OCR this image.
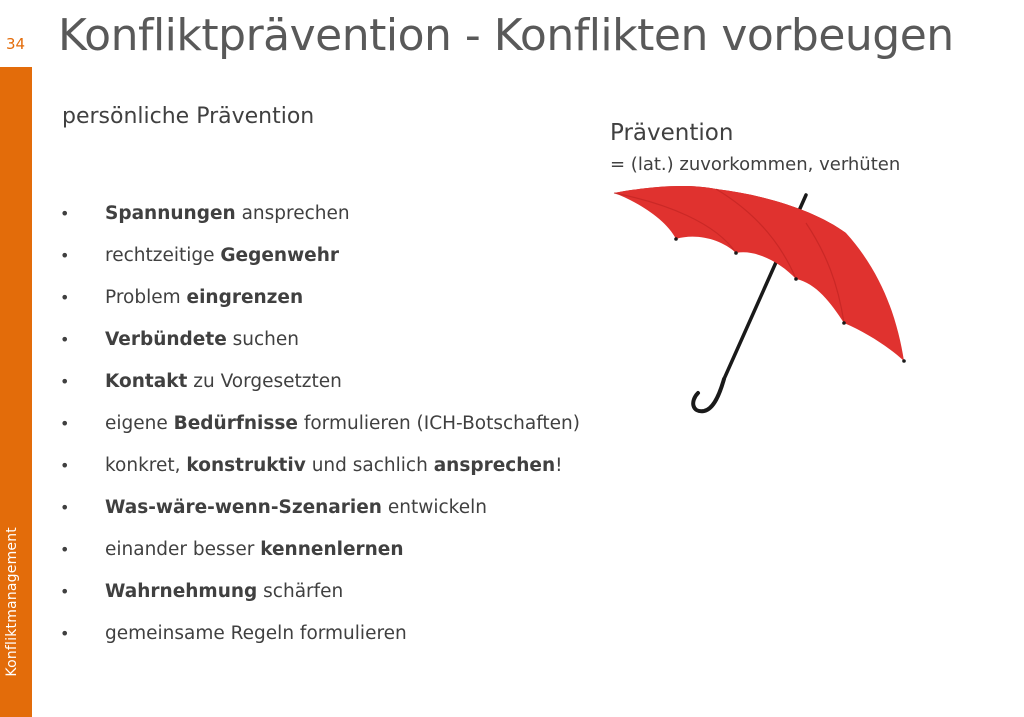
Konfliktmanagement
34 Konfliktprävention - Konflikten vorbeugen
persönliche Prävention
• Spannungen ansprechen
• rechtzeitige Gegenwehr
• Problem eingrenzen
• Verbündete suchen
• Kontakt zu Vorgesetzten
• eigene Bedürfnisse formulieren (ICH-Botschaften)
• konkret, konstruktiv und sachlich ansprechen!
• Was-wäre-wenn-Szenarien entwickeln
• einander besser kennenlernen
• Wahrnehmung schärfen
• gemeinsame Regeln formulieren
Prävention
= (lat.) zuvorkommen, verhüten
